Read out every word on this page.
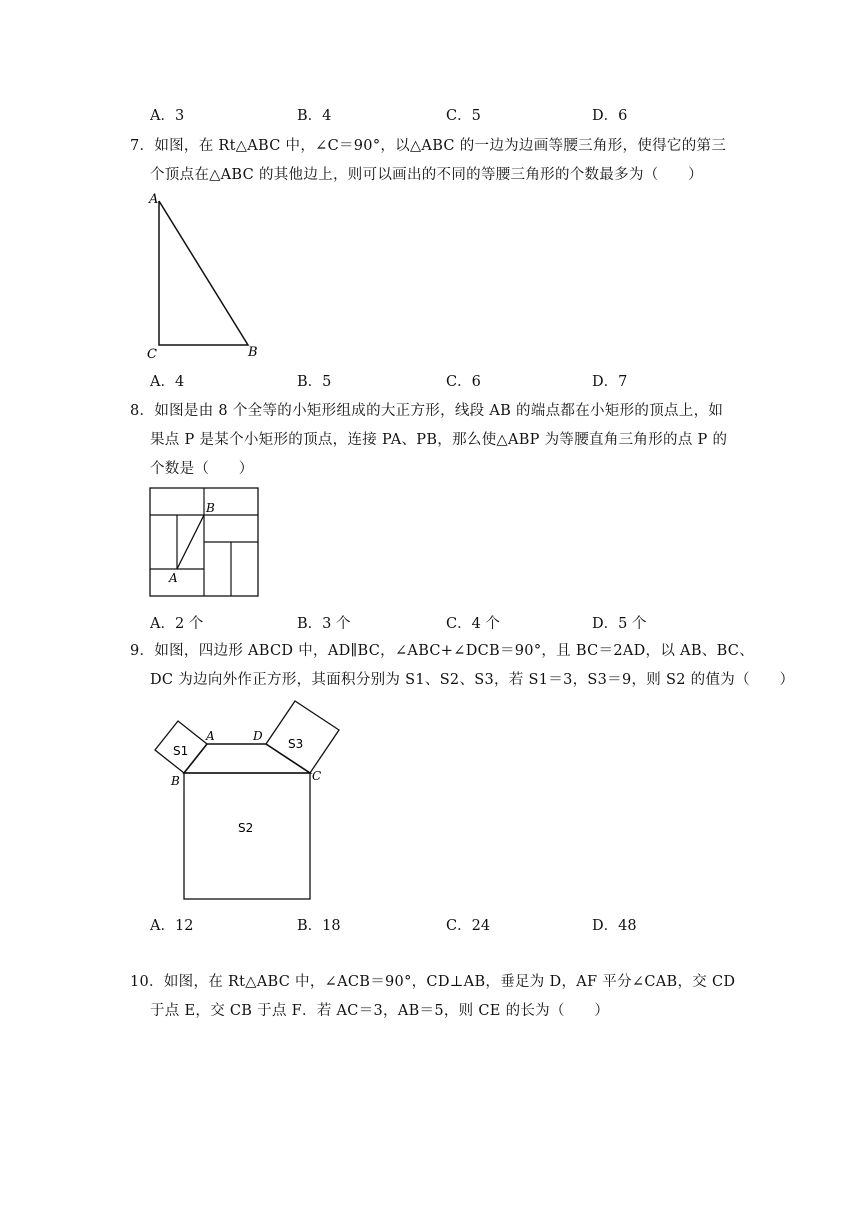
A．3	B．4	C．5	D．6
7．如图，在 Rt△ABC 中，∠C＝90°，以△ABC 的一边为边画等腰三角形，使得它的第三
个顶点在△ABC 的其他边上，则可以画出的不同的等腰三角形的个数最多为（　　）
A
C	B
A．4	B．5	C．6	D．7
8．如图是由 8 个全等的小矩形组成的大正方形，线段 AB 的端点都在小矩形的顶点上，如
果点 P 是某个小矩形的顶点，连接 PA、PB，那么使△ABP 为等腰直角三角形的点 P 的
个数是（　　）
B
A
A．2 个	B．3 个	C．4 个	D．5 个
9．如图，四边形 ABCD 中，AD∥BC，∠ABC+∠DCB＝90°，且 BC＝2AD，以 AB、BC、
DC 为边向外作正方形，其面积分别为 S1、S2、S3，若 S1＝3，S3＝9，则 S2 的值为（　　）
A	D
B	C
S1	S3
S2
A．12	B．18	C．24	D．48
10．如图，在 Rt△ABC 中，∠ACB＝90°，CD⊥AB，垂足为 D，AF 平分∠CAB，交 CD
于点 E，交 CB 于点 F．若 AC＝3，AB＝5，则 CE 的长为（　　）
